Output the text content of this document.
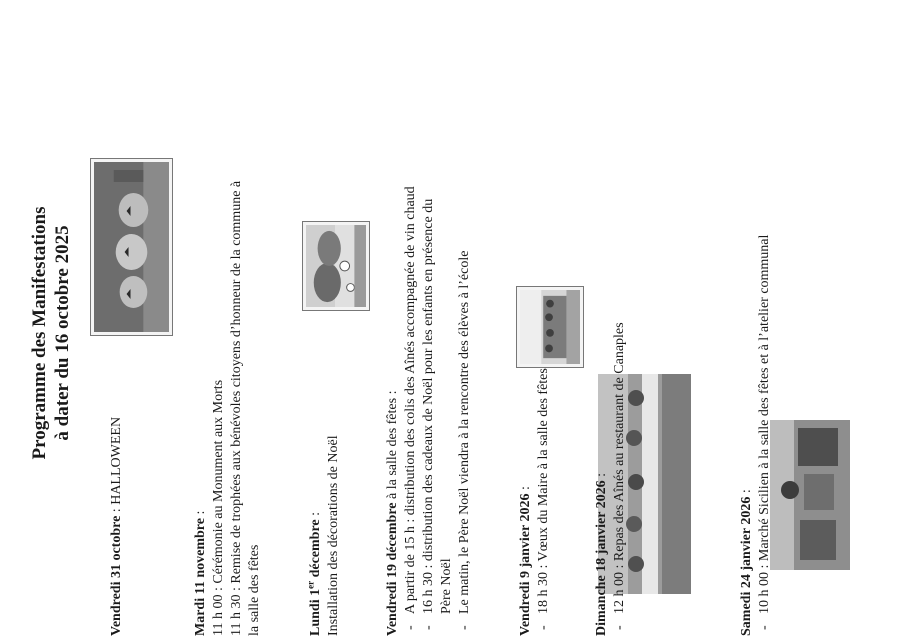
Programme des Manifestations à dater du 16 octobre 2025
Vendredi 31 octobre : HALLOWEEN
Mardi 11 novembre : 11 h 00 : Cérémonie au Monument aux Morts 11 h 30 : Remise de trophées aux bénévoles citoyens d’honneur de la commune à la salle des fêtes	Lundi 1er décembre : Installation des décorations de Noël	Vendredi 19 décembre à la salle des fêtes :
-
A partir de 15 h : distribution des colis des Aînés accompagnée de vin chaud
-
16 h 30 : distribution des cadeaux de Noël pour les enfants en présence du Père Noël
-
Le matin, le Père Noël viendra à la rencontre des élèves à l’école	Vendredi 9 janvier 2026 :
-
18 h 30 : Vœux du Maire à la salle des fêtes	Dimanche 18 janvier 2026 :
-
12 h 00 : Repas des Aînés au restaurant de Canaples	Samedi 24 janvier 2026 :
-
10 h 00 : Marché Sicilien à la salle des fêtes et à l’atelier communal
